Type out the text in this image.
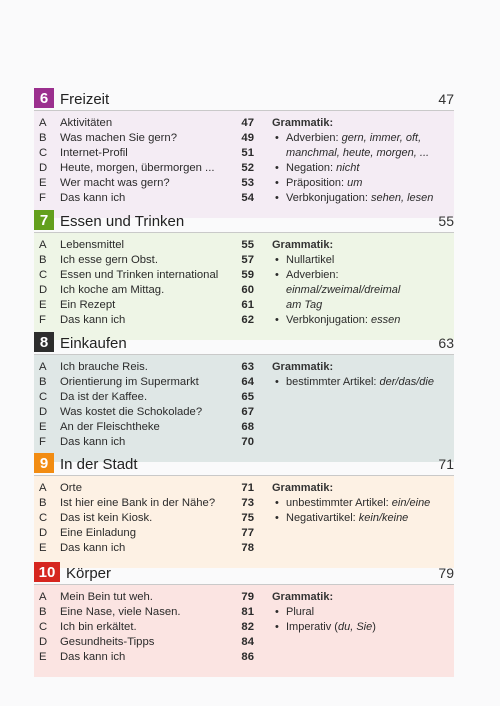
6 Freizeit	47
A Aktivitäten	47
B Was machen Sie gern?	49
C Internet-Profil	51
D Heute, morgen, übermorgen ...	52
E Wer macht was gern?	53
F Das kann ich	54
Grammatik:
• Adverbien: gern, immer, oft,
manchmal, heute, morgen, ...
• Negation: nicht
• Präposition: um
• Verbkonjugation: sehen, lesen
7 Essen und Trinken	55
A Lebensmittel	55
B Ich esse gern Obst.	57
C Essen und Trinken international	59
D Ich koche am Mittag.	60
E Ein Rezept	61
F Das kann ich	62
Grammatik:
• Nullartikel
• Adverbien: einmal/zweimal/dreimal
am Tag
• Verbkonjugation: essen
8 Einkaufen	63
A Ich brauche Reis.	63
B Orientierung im Supermarkt	64
C Da ist der Kaffee.	65
D Was kostet die Schokolade?	67
E An der Fleischtheke	68
F Das kann ich	70
Grammatik:
• bestimmter Artikel: der/das/die
9 In der Stadt	71
A Orte	71
B Ist hier eine Bank in der Nähe?	73
C Das ist kein Kiosk.	75
D Eine Einladung	77
E Das kann ich	78
Grammatik:
• unbestimmter Artikel: ein/eine
• Negativartikel: kein/keine
10 Körper	79
A Mein Bein tut weh.	79
B Eine Nase, viele Nasen.	81
C Ich bin erkältet.	82
D Gesundheits-Tipps	84
E Das kann ich	86
Grammatik:
• Plural
• Imperativ (du, Sie)
